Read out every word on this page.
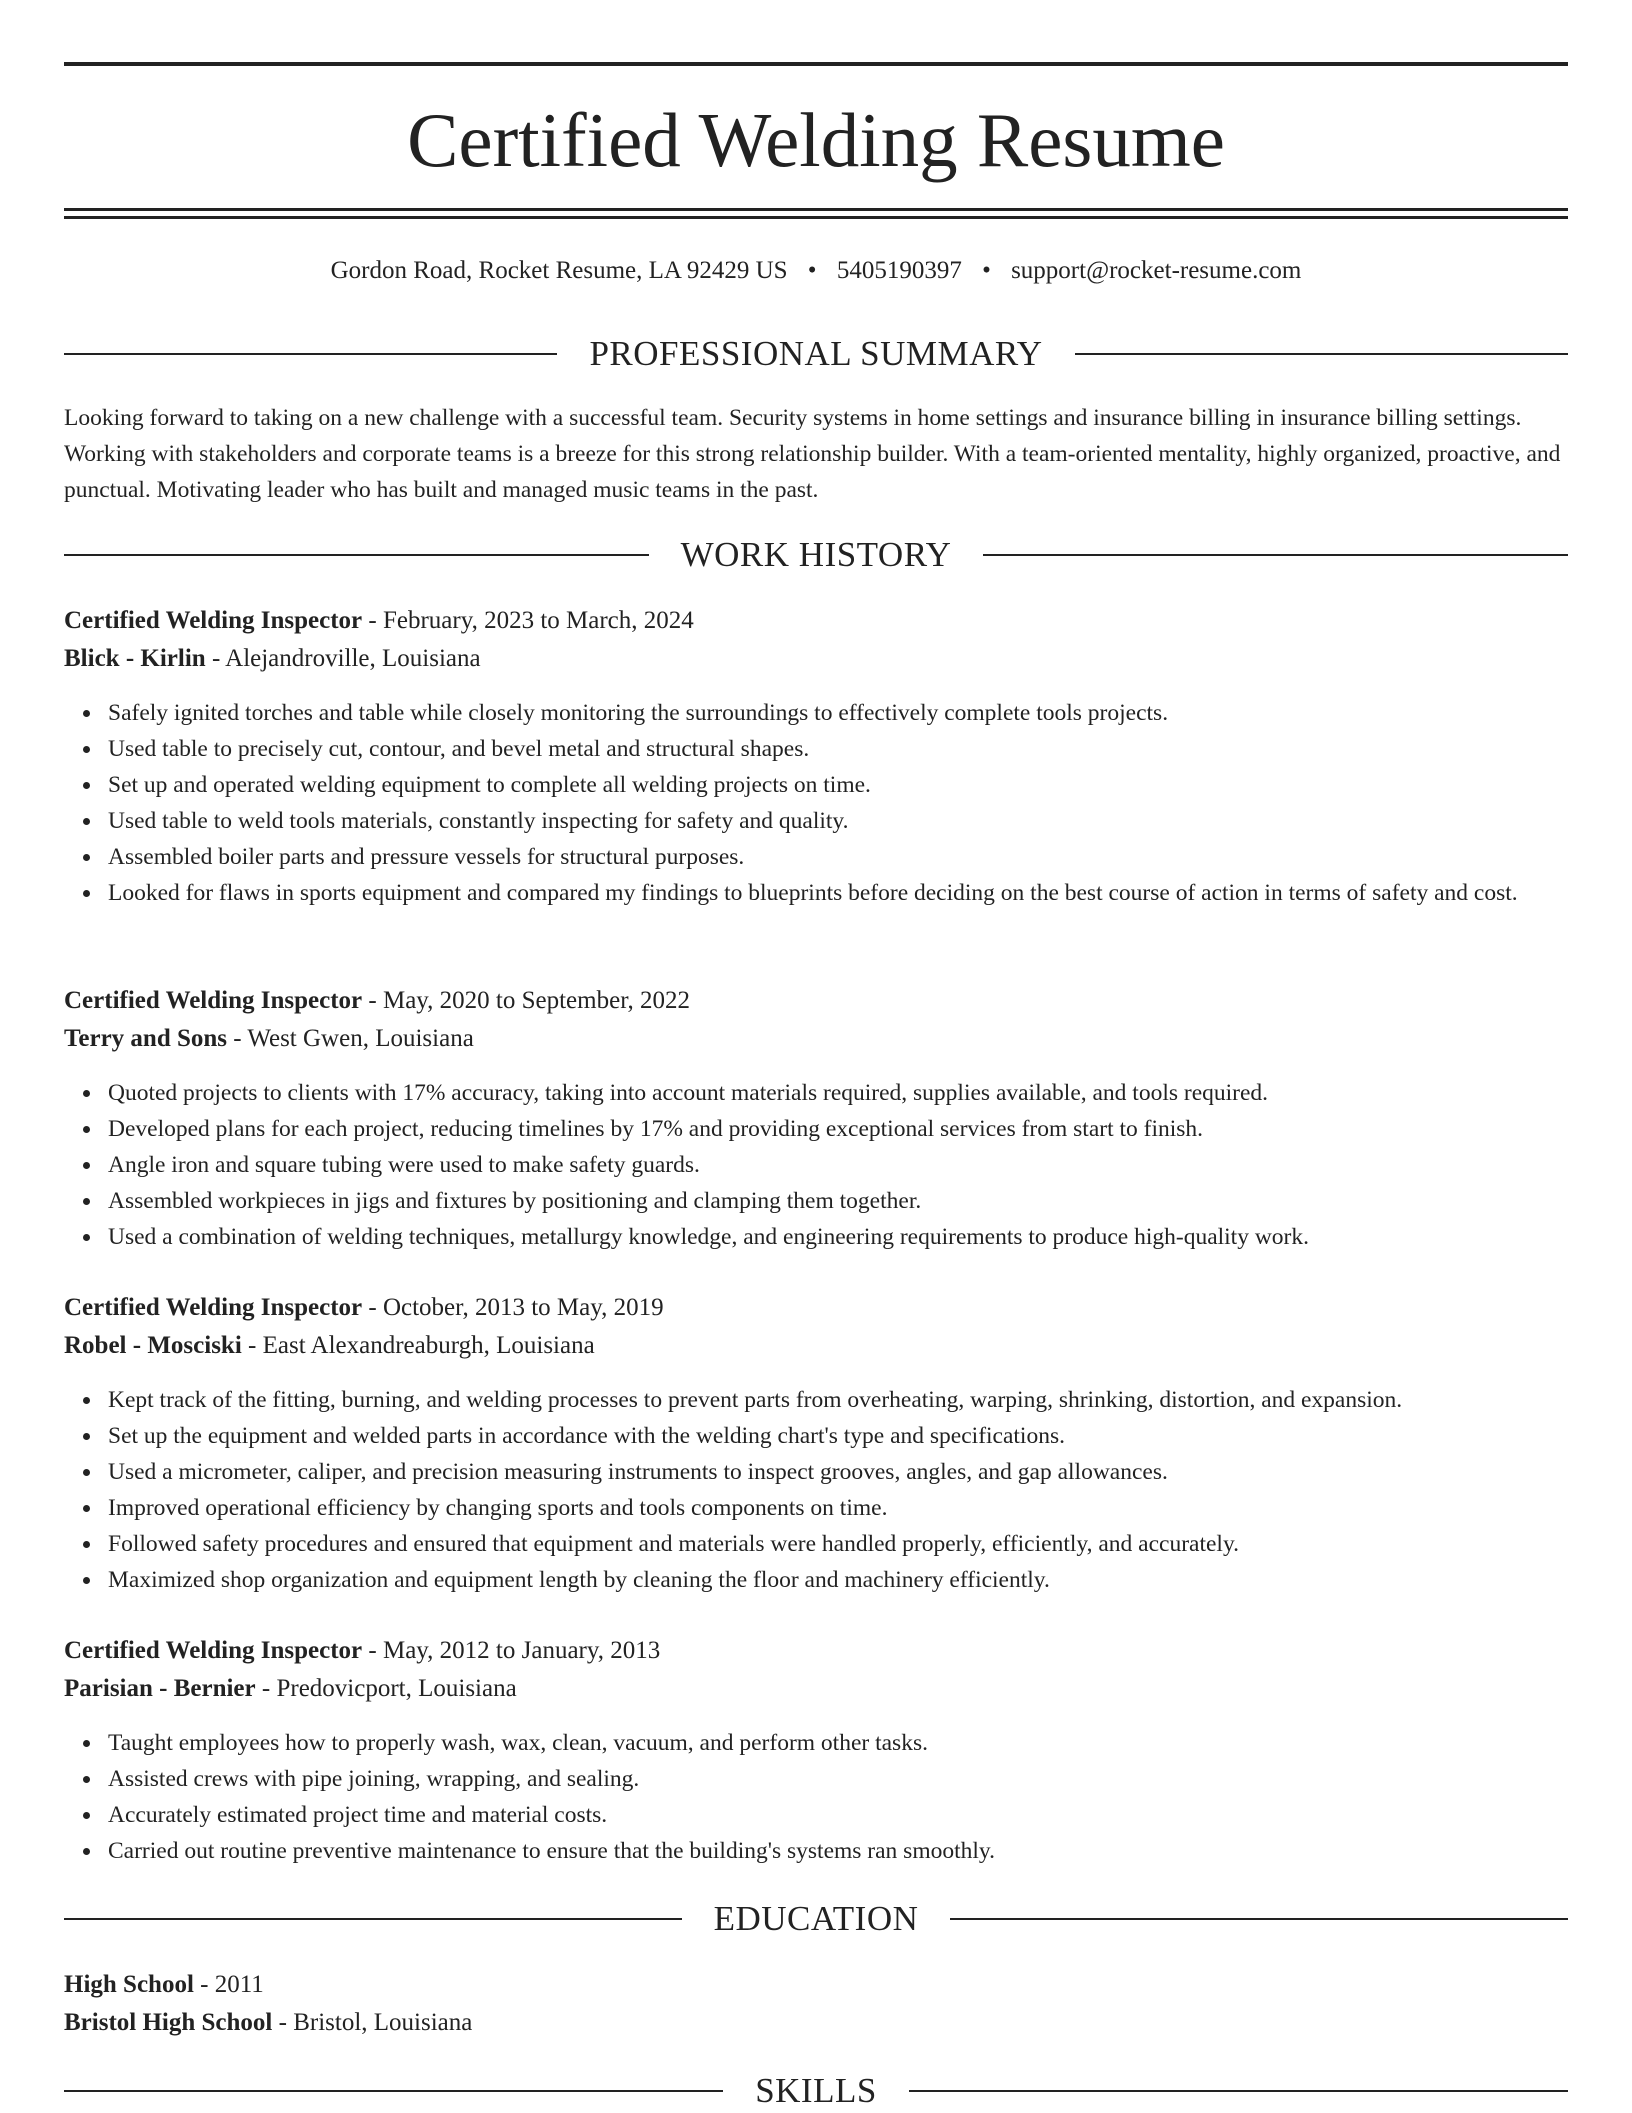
Certified Welding Resume
Gordon Road, Rocket Resume, LA 92429 US • 5405190397 • support@rocket-resume.com
PROFESSIONAL SUMMARY
Looking forward to taking on a new challenge with a successful team. Security systems in home settings and insurance billing in insurance billing settings. Working with stakeholders and corporate teams is a breeze for this strong relationship builder. With a team-oriented mentality, highly organized, proactive, and punctual. Motivating leader who has built and managed music teams in the past.
WORK HISTORY
Certified Welding Inspector - February, 2023 to March, 2024
Blick - Kirlin - Alejandroville, Louisiana
Safely ignited torches and table while closely monitoring the surroundings to effectively complete tools projects.
Used table to precisely cut, contour, and bevel metal and structural shapes.
Set up and operated welding equipment to complete all welding projects on time.
Used table to weld tools materials, constantly inspecting for safety and quality.
Assembled boiler parts and pressure vessels for structural purposes.
Looked for flaws in sports equipment and compared my findings to blueprints before deciding on the best course of action in terms of safety and cost.
Certified Welding Inspector - May, 2020 to September, 2022
Terry and Sons - West Gwen, Louisiana
Quoted projects to clients with 17% accuracy, taking into account materials required, supplies available, and tools required.
Developed plans for each project, reducing timelines by 17% and providing exceptional services from start to finish.
Angle iron and square tubing were used to make safety guards.
Assembled workpieces in jigs and fixtures by positioning and clamping them together.
Used a combination of welding techniques, metallurgy knowledge, and engineering requirements to produce high-quality work.
Certified Welding Inspector - October, 2013 to May, 2019
Robel - Mosciski - East Alexandreaburgh, Louisiana
Kept track of the fitting, burning, and welding processes to prevent parts from overheating, warping, shrinking, distortion, and expansion.
Set up the equipment and welded parts in accordance with the welding chart's type and specifications.
Used a micrometer, caliper, and precision measuring instruments to inspect grooves, angles, and gap allowances.
Improved operational efficiency by changing sports and tools components on time.
Followed safety procedures and ensured that equipment and materials were handled properly, efficiently, and accurately.
Maximized shop organization and equipment length by cleaning the floor and machinery efficiently.
Certified Welding Inspector - May, 2012 to January, 2013
Parisian - Bernier - Predovicport, Louisiana
Taught employees how to properly wash, wax, clean, vacuum, and perform other tasks.
Assisted crews with pipe joining, wrapping, and sealing.
Accurately estimated project time and material costs.
Carried out routine preventive maintenance to ensure that the building's systems ran smoothly.
EDUCATION
High School - 2011
Bristol High School - Bristol, Louisiana
SKILLS
